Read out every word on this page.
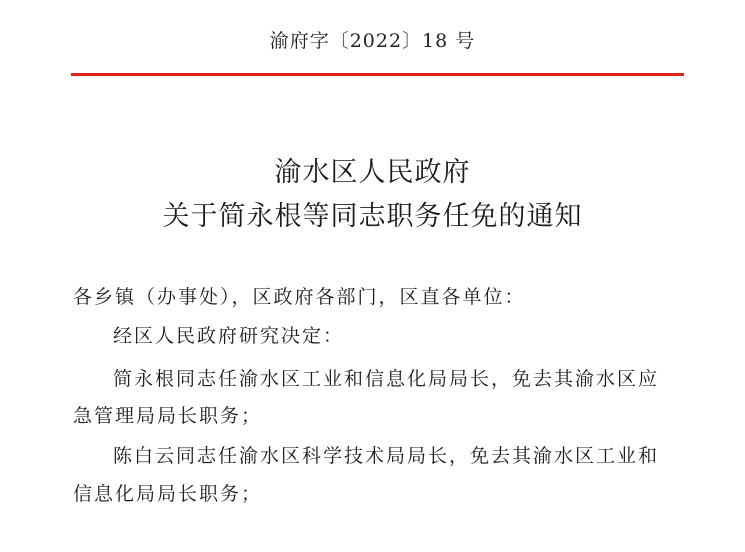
渝府字〔2022〕18 号
渝水区人民政府
关于简永根等同志职务任免的通知
各乡镇（办事处），区政府各部门，区直各单位：
经区人民政府研究决定：
简永根同志任渝水区工业和信息化局局长，免去其渝水区应
急管理局局长职务；
陈白云同志任渝水区科学技术局局长，免去其渝水区工业和
信息化局局长职务；
